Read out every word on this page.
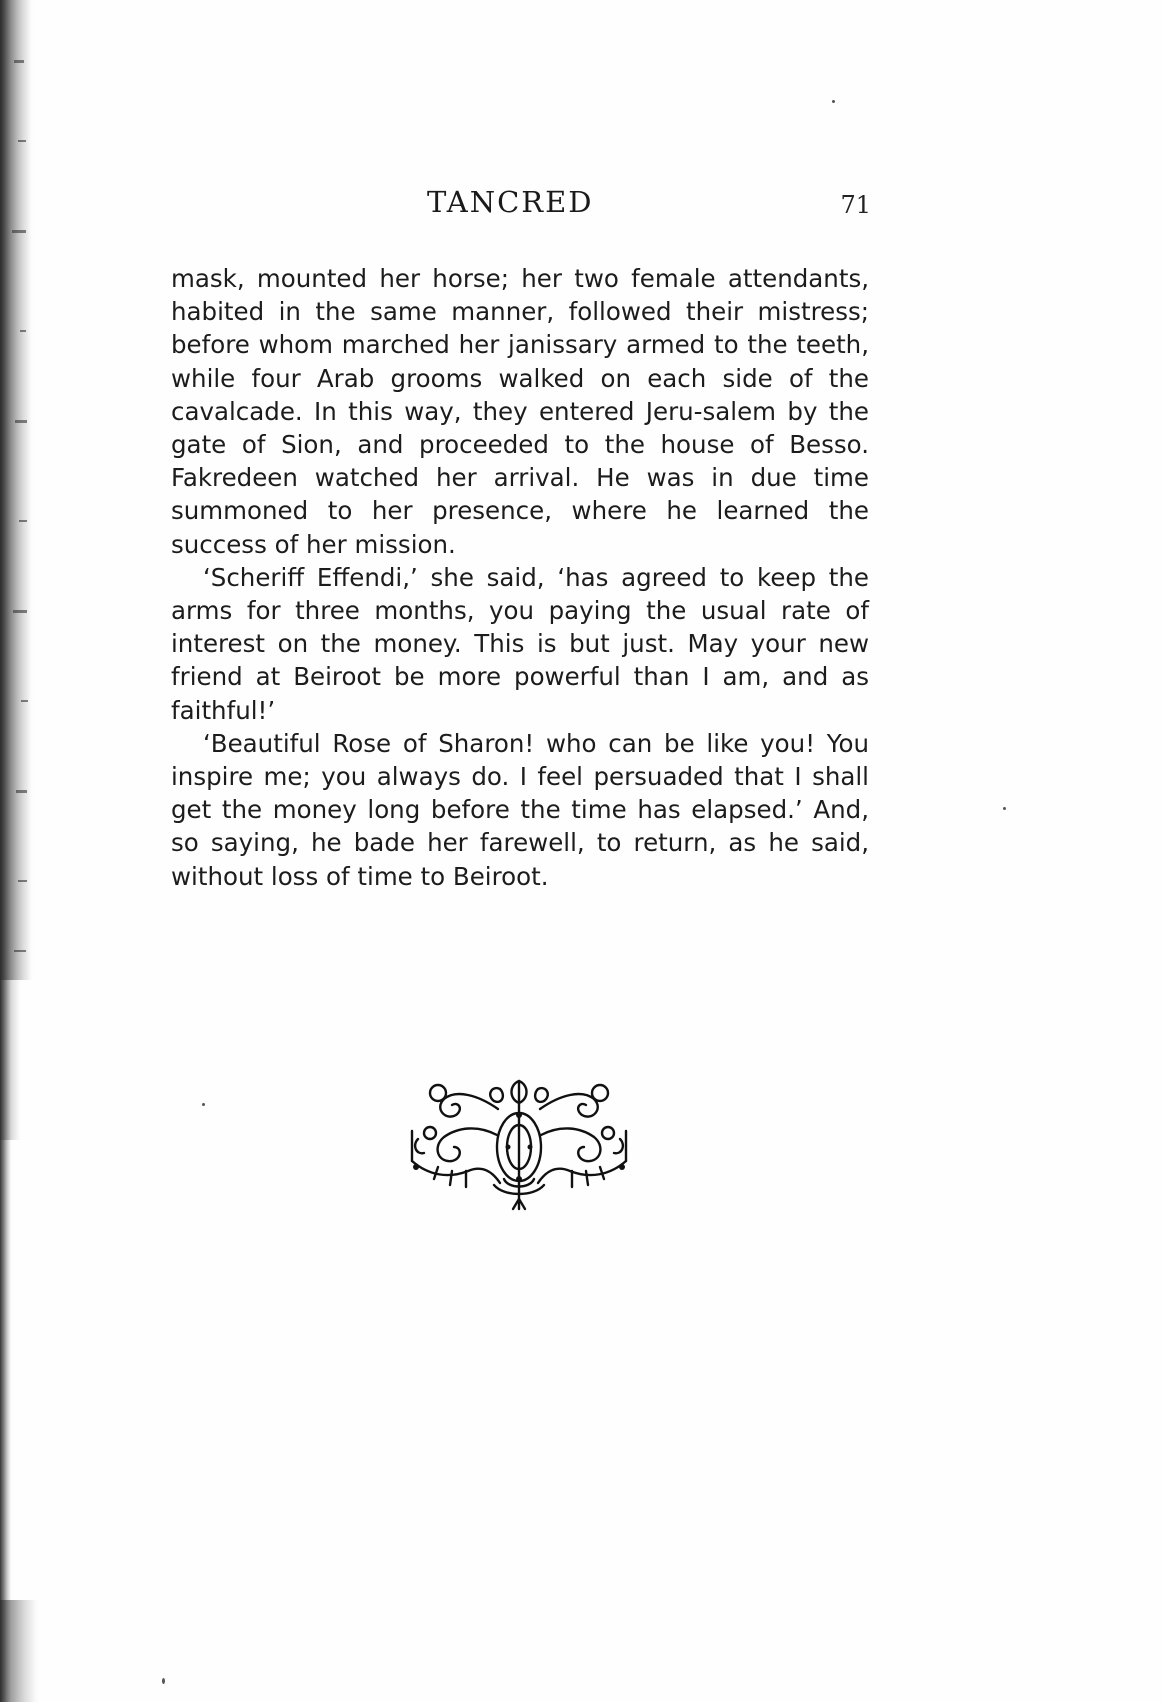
TANCRED	71

mask, mounted her horse; her two female attendants, habited in the same manner, followed their mistress; before whom marched her janissary armed to the teeth, while four Arab grooms walked on each side of the cavalcade. In this way, they entered Jeru-salem by the gate of Sion, and proceeded to the house of Besso. Fakredeen watched her arrival. He was in due time summoned to her presence, where he learned the success of her mission.

‘Scheriff Effendi,’ she said, ‘has agreed to keep the arms for three months, you paying the usual rate of interest on the money. This is but just. May your new friend at Beiroot be more powerful than I am, and as faithful!’

‘Beautiful Rose of Sharon! who can be like you! You inspire me; you always do. I feel persuaded that I shall get the money long before the time has elapsed.’ And, so saying, he bade her farewell, to return, as he said, without loss of time to Beiroot.
